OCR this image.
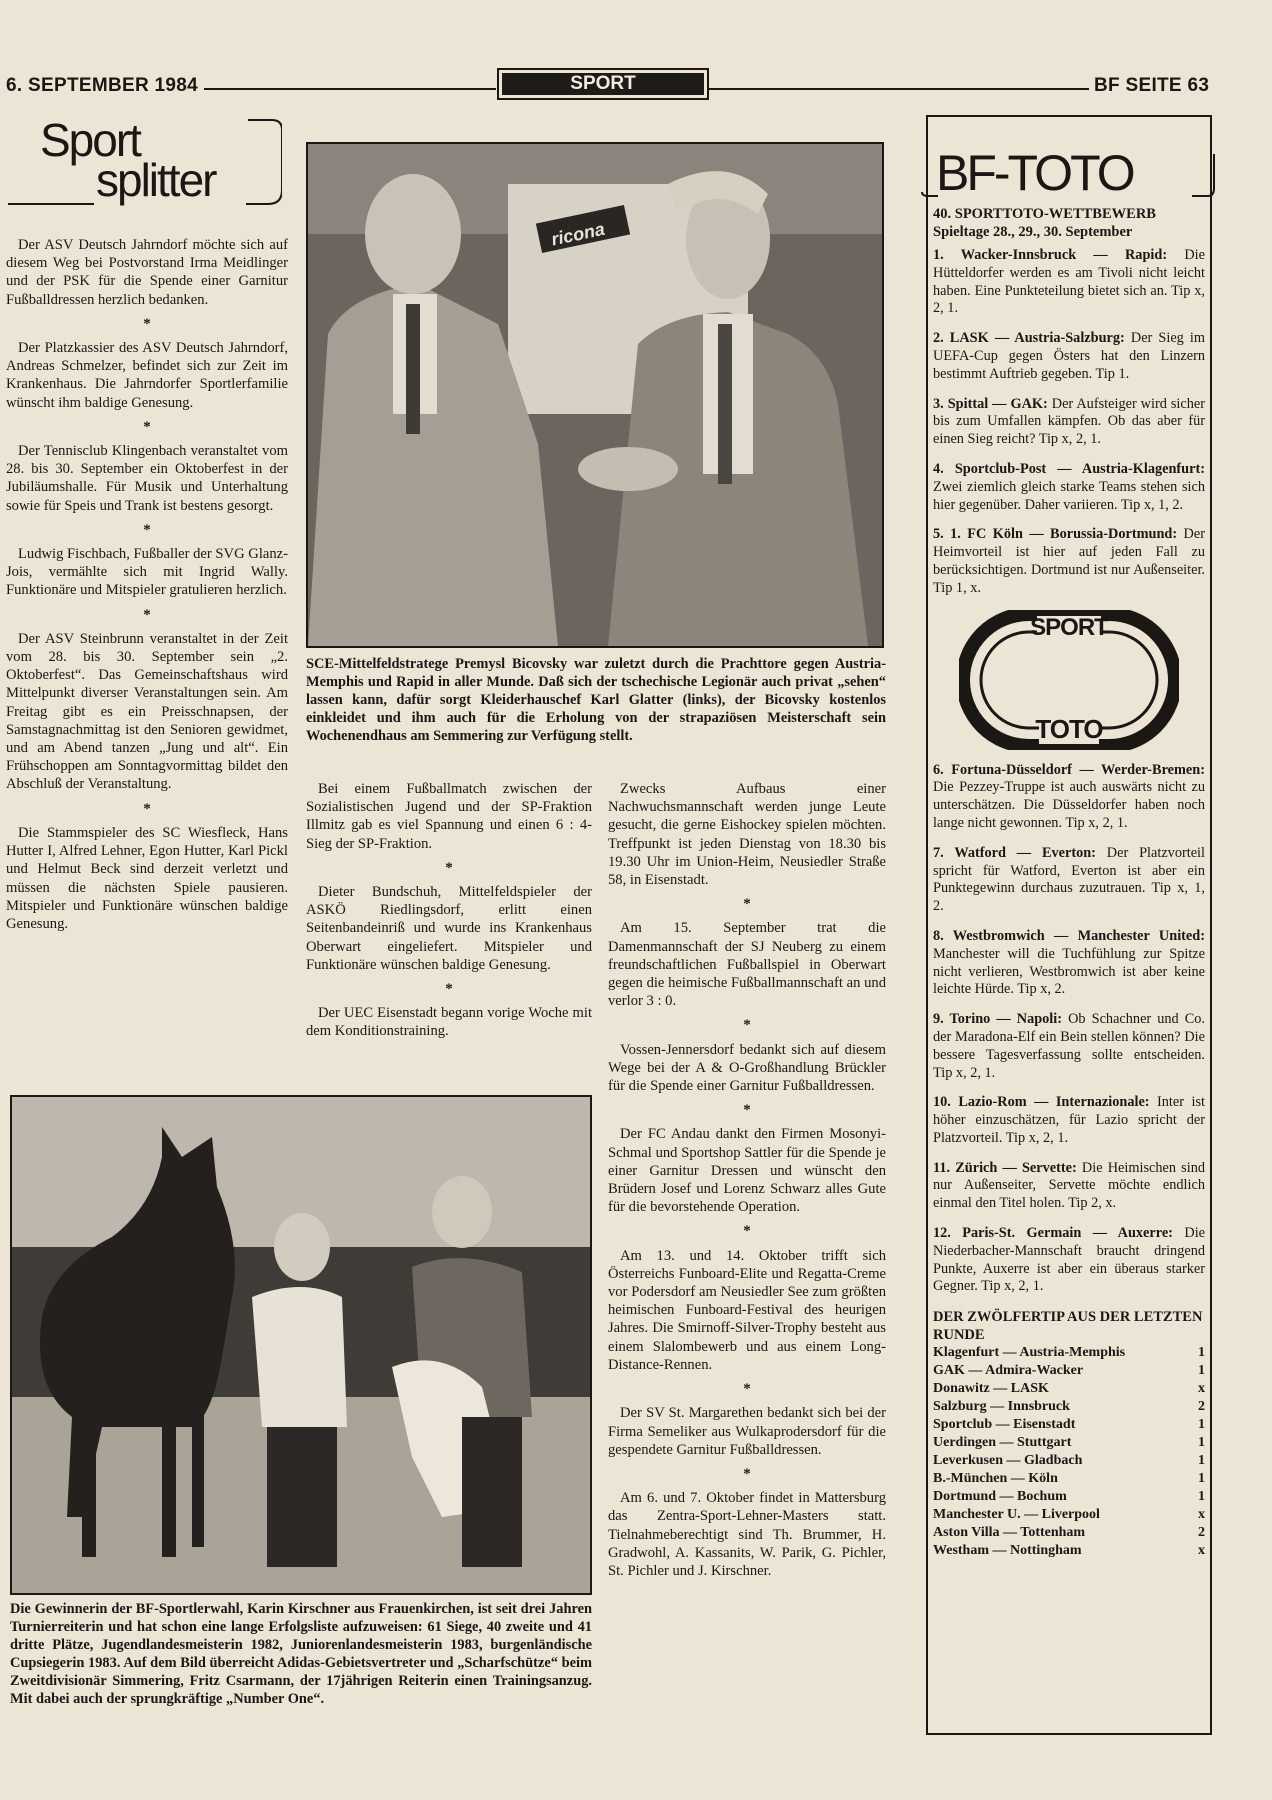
6. SEPTEMBER 1984	SPORT	BF SEITE 63
Sport
splitter

Der ASV Deutsch Jahrndorf möchte sich auf diesem Weg bei Postvorstand Irma Meidlinger und der PSK für die Spende einer Garnitur Fußballdressen herzlich bedanken.

*

Der Platzkassier des ASV Deutsch Jahrndorf, Andreas Schmelzer, befindet sich zur Zeit im Krankenhaus. Die Jahrndorfer Sportlerfamilie wünscht ihm baldige Genesung.

*

Der Tennisclub Klingenbach veranstaltet vom 28. bis 30. September ein Oktoberfest in der Jubiläumshalle. Für Musik und Unterhaltung sowie für Speis und Trank ist bestens gesorgt.

*

Ludwig Fischbach, Fußballer der SVG Glanz-Jois, vermählte sich mit Ingrid Wally. Funktionäre und Mitspieler gratulieren herzlich.

*

Der ASV Steinbrunn veranstaltet in der Zeit vom 28. bis 30. September sein „2. Oktoberfest“. Das Gemeinschaftshaus wird Mittelpunkt diverser Veranstaltungen sein. Am Freitag gibt es ein Preisschnapsen, der Samstagnachmittag ist den Senioren gewidmet, und am Abend tanzen „Jung und alt“. Ein Frühschoppen am Sonntagvormittag bildet den Abschluß der Veranstaltung.

*

Die Stammspieler des SC Wiesfleck, Hans Hutter I, Alfred Lehner, Egon Hutter, Karl Pickl und Helmut Beck sind derzeit verletzt und müssen die nächsten Spiele pausieren. Mitspieler und Funktionäre wünschen baldige Genesung.

ricona
SCE-Mittelfeldstratege Premysl Bicovsky war zuletzt durch die Prachttore gegen Austria-Memphis und Rapid in aller Munde. Daß sich der tschechische Legionär auch privat „sehen“ lassen kann, dafür sorgt Kleiderhauschef Karl Glatter (links), der Bicovsky kostenlos einkleidet und ihm auch für die Erholung von der strapaziösen Meisterschaft sein Wochenendhaus am Semmering zur Verfügung stellt.

Bei einem Fußballmatch zwischen der Sozialistischen Jugend und der SP-Fraktion Illmitz gab es viel Spannung und einen 6 : 4-Sieg der SP-Fraktion.

*

Dieter Bundschuh, Mittelfeldspieler der ASKÖ Riedlingsdorf, erlitt einen Seitenbandeinriß und wurde ins Krankenhaus Oberwart eingeliefert. Mitspieler und Funktionäre wünschen baldige Genesung.

*

Der UEC Eisenstadt begann vorige Woche mit dem Konditionstraining.

Zwecks Aufbaus einer Nachwuchsmannschaft werden junge Leute gesucht, die gerne Eishockey spielen möchten. Treffpunkt ist jeden Dienstag von 18.30 bis 19.30 Uhr im Union-Heim, Neusiedler Straße 58, in Eisenstadt.

*

Am 15. September trat die Damenmannschaft der SJ Neuberg zu einem freundschaftlichen Fußballspiel in Oberwart gegen die heimische Fußballmannschaft an und verlor 3 : 0.

*

Vossen-Jennersdorf bedankt sich auf diesem Wege bei der A & O-Großhandlung Brückler für die Spende einer Garnitur Fußballdressen.

*

Der FC Andau dankt den Firmen Mosonyi-Schmal und Sportshop Sattler für die Spende je einer Garnitur Dressen und wünscht den Brüdern Josef und Lorenz Schwarz alles Gute für die bevorstehende Operation.

*

Am 13. und 14. Oktober trifft sich Österreichs Funboard-Elite und Regatta-Creme vor Podersdorf am Neusiedler See zum größten heimischen Funboard-Festival des heurigen Jahres. Die Smirnoff-Silver-Trophy besteht aus einem Slalombewerb und aus einem Long-Distance-Rennen.

*

Der SV St. Margarethen bedankt sich bei der Firma Semeliker aus Wulkaprodersdorf für die gespendete Garnitur Fußballdressen.

*

Am 6. und 7. Oktober findet in Mattersburg das Zentra-Sport-Lehner-Masters statt. Tielnahmeberechtigt sind Th. Brummer, H. Gradwohl, A. Kassanits, W. Parik, G. Pichler, St. Pichler und J. Kirschner.

Die Gewinnerin der BF-Sportlerwahl, Karin Kirschner aus Frauenkirchen, ist seit drei Jahren Turnierreiterin und hat schon eine lange Erfolgsliste aufzuweisen: 61 Siege, 40 zweite und 41 dritte Plätze, Jugendlandesmeisterin 1982, Juniorenlandesmeisterin 1983, burgenländische Cupsiegerin 1983. Auf dem Bild überreicht Adidas-Gebietsvertreter und „Scharfschütze“ beim Zweitdivisionär Simmering, Fritz Csarmann, der 17jährigen Reiterin einen Trainingsanzug. Mit dabei auch der sprungkräftige „Number One“.
BF-TOTO
40. SPORTTOTO-WETTBEWERB
Spieltage 28., 29., 30. September
1. Wacker-Innsbruck — Rapid: Die Hütteldorfer werden es am Tivoli nicht leicht haben. Eine Punkteteilung bietet sich an. Tip x, 2, 1.
2. LASK — Austria-Salzburg: Der Sieg im UEFA-Cup gegen Östers hat den Linzern bestimmt Auftrieb gegeben. Tip 1.
3. Spittal — GAK: Der Aufsteiger wird sicher bis zum Umfallen kämpfen. Ob das aber für einen Sieg reicht? Tip x, 2, 1.
4. Sportclub-Post — Austria-Klagenfurt: Zwei ziemlich gleich starke Teams stehen sich hier gegenüber. Daher variieren. Tip x, 1, 2.
5. 1. FC Köln — Borussia-Dortmund: Der Heimvorteil ist hier auf jeden Fall zu berücksichtigen. Dortmund ist nur Außenseiter. Tip 1, x.
SPORT
TOTO
6. Fortuna-Düsseldorf — Werder-Bremen: Die Pezzey-Truppe ist auch auswärts nicht zu unterschätzen. Die Düsseldorfer haben noch lange nicht gewonnen. Tip x, 2, 1.
7. Watford — Everton: Der Platzvorteil spricht für Watford, Everton ist aber ein Punktegewinn durchaus zuzutrauen. Tip x, 1, 2.
8. Westbromwich — Manchester United: Manchester will die Tuchfühlung zur Spitze nicht verlieren, Westbromwich ist aber keine leichte Hürde. Tip x, 2.
9. Torino — Napoli: Ob Schachner und Co. der Maradona-Elf ein Bein stellen können? Die bessere Tagesverfassung sollte entscheiden. Tip x, 2, 1.
10. Lazio-Rom — Internazionale: Inter ist höher einzuschätzen, für Lazio spricht der Platzvorteil. Tip x, 2, 1.
11. Zürich — Servette: Die Heimischen sind nur Außenseiter, Servette möchte endlich einmal den Titel holen. Tip 2, x.
12. Paris-St. Germain — Auxerre: Die Niederbacher-Mannschaft braucht dringend Punkte, Auxerre ist aber ein überaus starker Gegner. Tip x, 2, 1.
DER ZWÖLFERTIP AUS DER LETZTEN RUNDE
Klagenfurt — Austria-Memphis	1
GAK — Admira-Wacker	1
Donawitz — LASK	x
Salzburg — Innsbruck	2
Sportclub — Eisenstadt	1
Uerdingen — Stuttgart	1
Leverkusen — Gladbach	1
B.-München — Köln	1
Dortmund — Bochum	1
Manchester U. — Liverpool	x
Aston Villa — Tottenham	2
Westham — Nottingham	x
